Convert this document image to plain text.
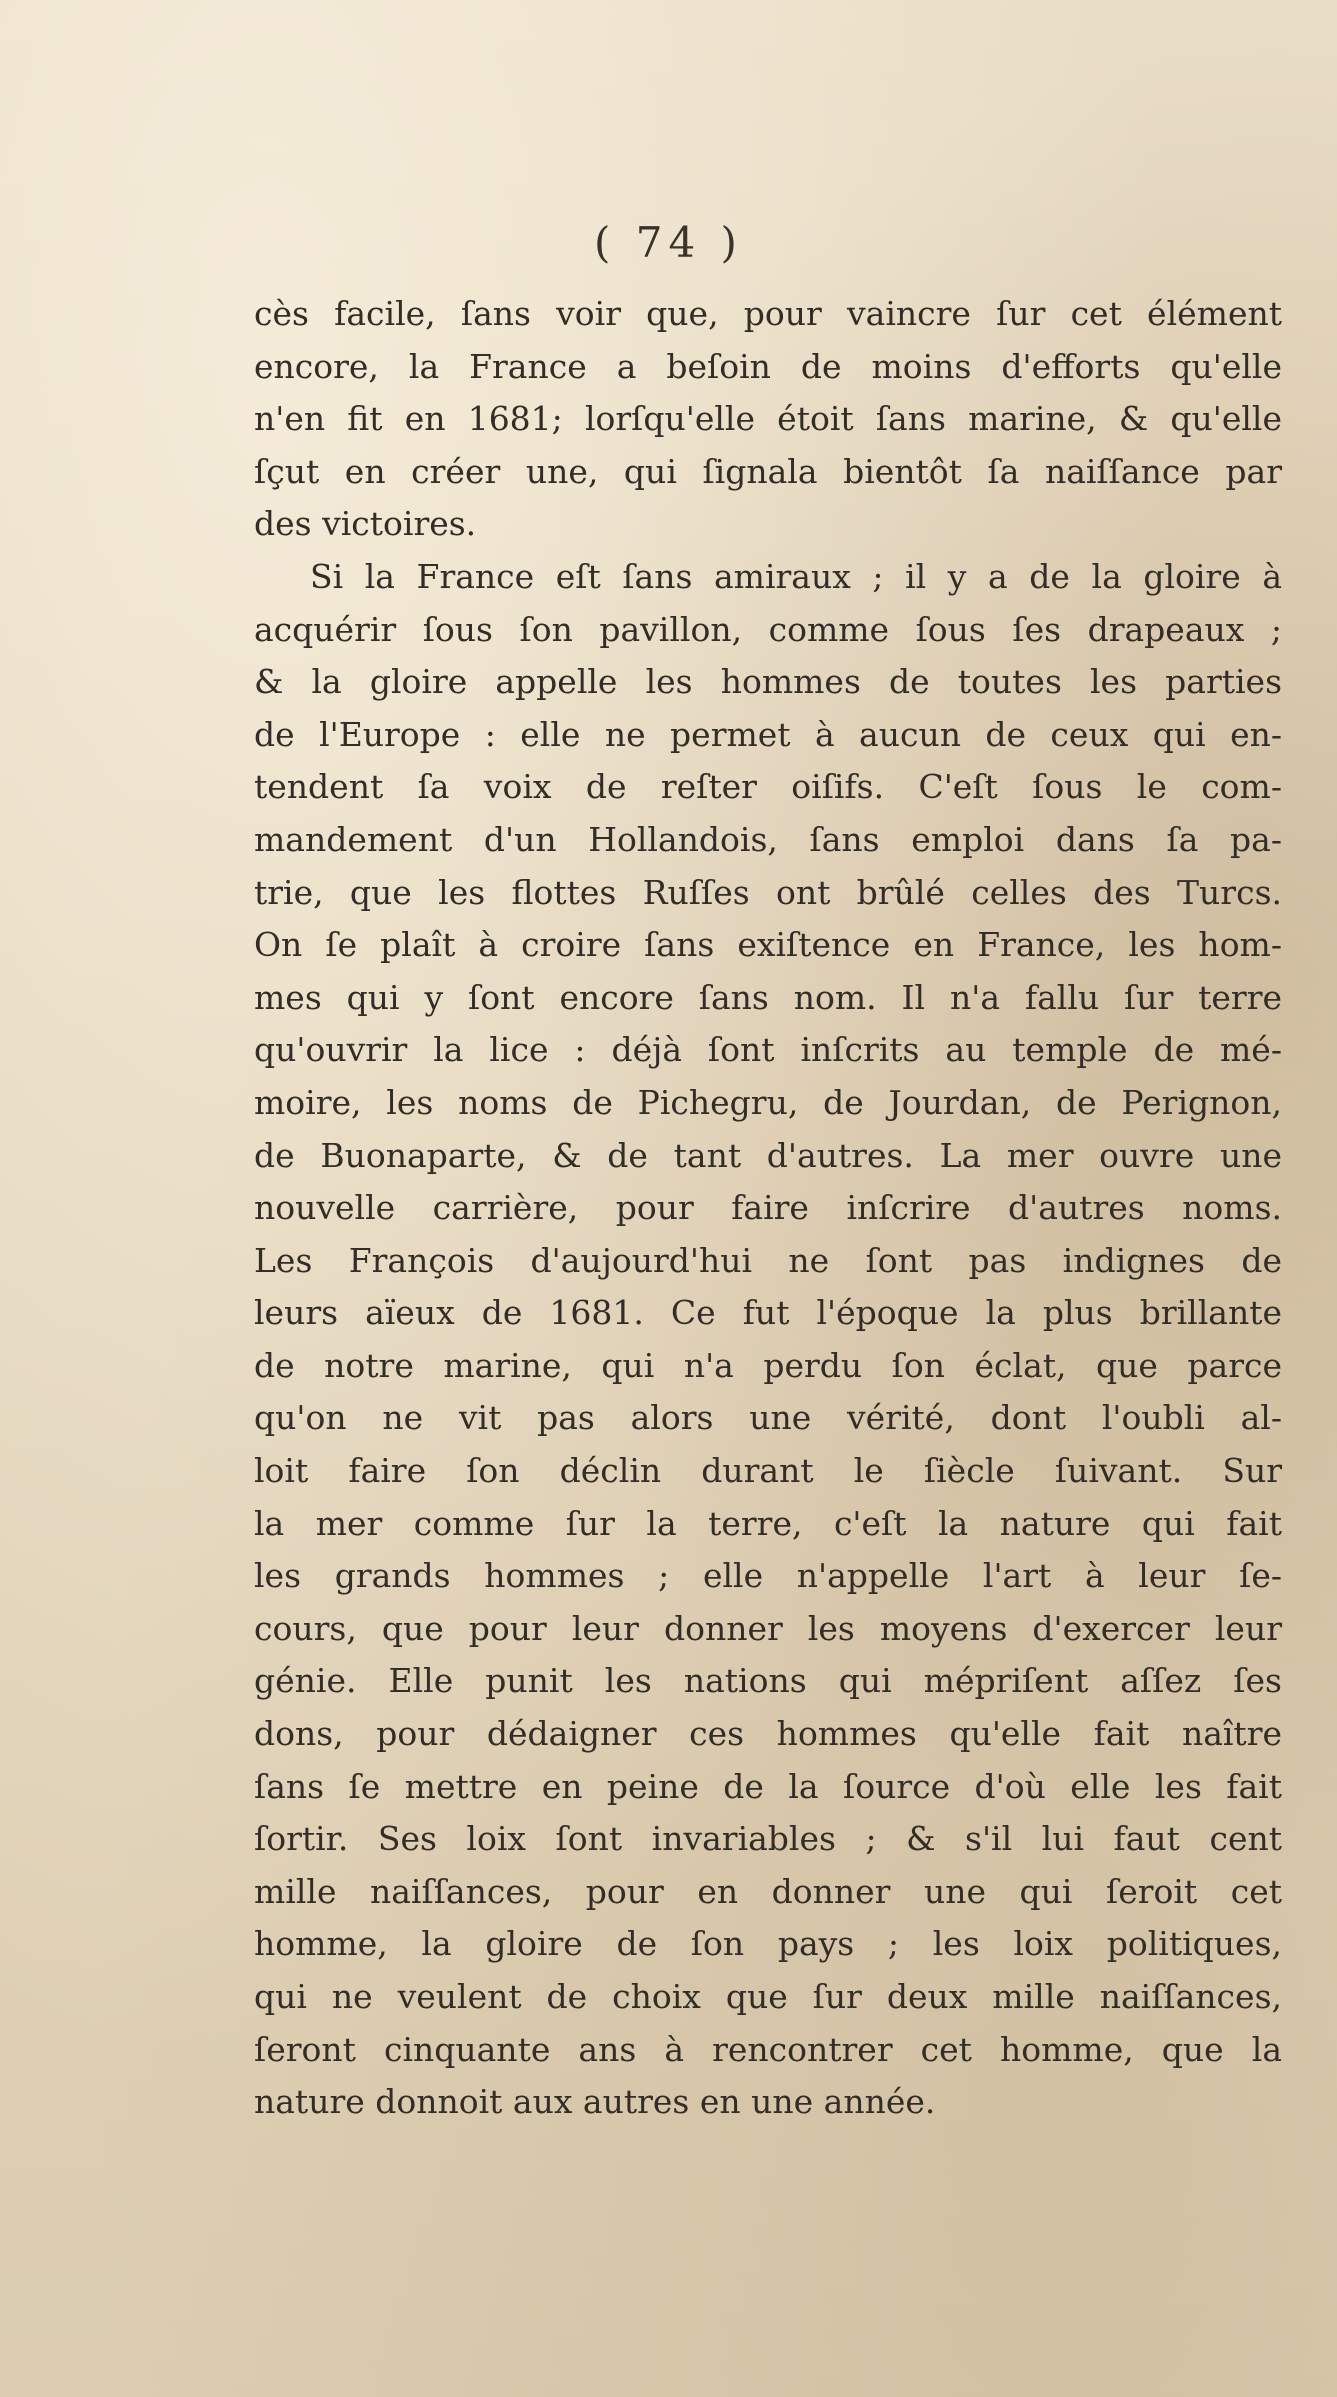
( 74 )
cès facile, ſans voir que, pour vaincre ſur cet élément
encore, la France a beſoin de moins d'efforts qu'elle
n'en fit en 1681; lorſqu'elle étoit ſans marine, & qu'elle
ſçut en créer une, qui ſignala bientôt ſa naiſſance par
des victoires.
Si la France eſt ſans amiraux ; il y a de la gloire à
acquérir ſous ſon pavillon, comme ſous ſes drapeaux ;
& la gloire appelle les hommes de toutes les parties
de l'Europe : elle ne permet à aucun de ceux qui en-
tendent ſa voix de reſter oiſifs. C'eſt ſous le com-
mandement d'un Hollandois, ſans emploi dans ſa pa-
trie, que les flottes Ruſſes ont brûlé celles des Turcs.
On ſe plaît à croire ſans exiſtence en France, les hom-
mes qui y ſont encore ſans nom. Il n'a fallu ſur terre
qu'ouvrir la lice : déjà ſont inſcrits au temple de mé-
moire, les noms de Pichegru, de Jourdan, de Perignon,
de Buonaparte, & de tant d'autres. La mer ouvre une
nouvelle carrière, pour faire inſcrire d'autres noms.
Les François d'aujourd'hui ne ſont pas indignes de
leurs aïeux de 1681. Ce fut l'époque la plus brillante
de notre marine, qui n'a perdu ſon éclat, que parce
qu'on ne vit pas alors une vérité, dont l'oubli al-
loit faire ſon déclin durant le ſiècle ſuivant. Sur
la mer comme ſur la terre, c'eſt la nature qui fait
les grands hommes ; elle n'appelle l'art à leur ſe-
cours, que pour leur donner les moyens d'exercer leur
génie. Elle punit les nations qui mépriſent aſſez ſes
dons, pour dédaigner ces hommes qu'elle fait naître
ſans ſe mettre en peine de la ſource d'où elle les fait
ſortir. Ses loix ſont invariables ; & s'il lui faut cent
mille naiſſances, pour en donner une qui ſeroit cet
homme, la gloire de ſon pays ; les loix politiques,
qui ne veulent de choix que ſur deux mille naiſſances,
ſeront cinquante ans à rencontrer cet homme, que la
nature donnoit aux autres en une année.
